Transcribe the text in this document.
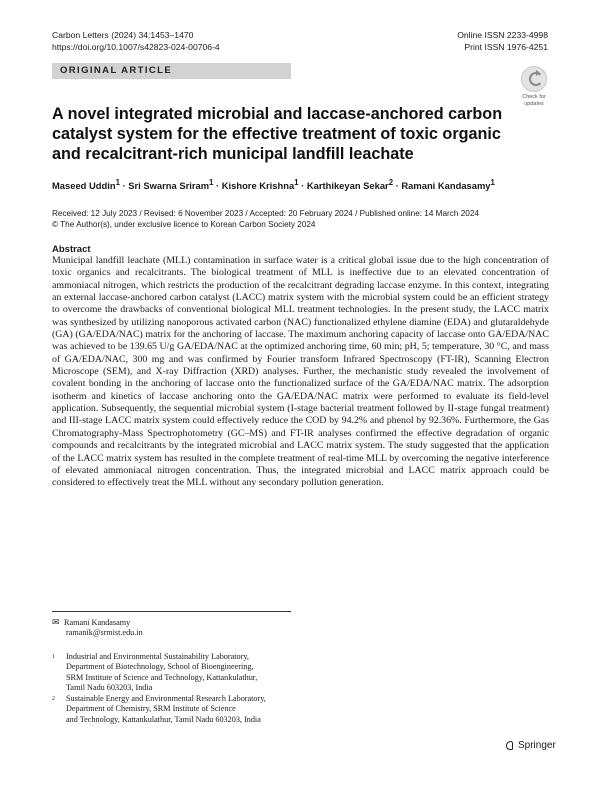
Carbon Letters (2024) 34:1453–1470
https://doi.org/10.1007/s42823-024-00706-4
Online ISSN 2233-4998
Print ISSN 1976-4251
ORIGINAL ARTICLE
Check for
updates
A novel integrated microbial and laccase-anchored carbon catalyst system for the effective treatment of toxic organic and recalcitrant-rich municipal landfill leachate
Maseed Uddin$^1$ · Sri Swarna Sriram$^1$ · Kishore Krishna$^1$ · Karthikeyan Sekar$^2$ · Ramani Kandasamy$^1$
Received: 12 July 2023 / Revised: 6 November 2023 / Accepted: 20 February 2024 / Published online: 14 March 2024
© The Author(s), under exclusive licence to Korean Carbon Society 2024
Abstract

Municipal landfill leachate (MLL) contamination in surface water is a critical global issue due to the high concentration of toxic organics and recalcitrants. The biological treatment of MLL is ineffective due to an elevated concentration of ammoniacal nitrogen, which restricts the production of the recalcitrant degrading laccase enzyme. In this context, integrating an external laccase-anchored carbon catalyst (LACC) matrix system with the microbial system could be an efficient strategy to overcome the drawbacks of conventional biological MLL treatment technologies. In the present study, the LACC matrix was synthesized by utilizing nanoporous activated carbon (NAC) functionalized ethylene diamine (EDA) and glutaraldehyde (GA) (GA/EDA/NAC) matrix for the anchoring of laccase. The maximum anchoring capacity of laccase onto GA/EDA/NAC was achieved to be 139.65 U/g GA/EDA/NAC at the optimized anchoring time, 60 min; pH, 5; temperature, 30 °C, and mass of GA/EDA/NAC, 300 mg and was confirmed by Fourier transform Infrared Spectroscopy (FT-IR), Scanning Electron Microscope (SEM), and X-ray Diffraction (XRD) analyses. Further, the mechanistic study revealed the involvement of covalent bonding in the anchoring of laccase onto the functionalized surface of the GA/EDA/NAC matrix. The adsorption isotherm and kinetics of laccase anchoring onto the GA/EDA/NAC matrix were performed to evaluate its field-level application. Subsequently, the sequential microbial system (I-stage bacterial treatment followed by II-stage fungal treatment) and III-stage LACC matrix system could effectively reduce the COD by 94.2% and phenol by 92.36%. Furthermore, the Gas Chromatography-Mass Spectrophotometry (GC–MS) and FT-IR analyses confirmed the effective degradation of organic compounds and recalcitrants by the integrated microbial and LACC matrix system. The study suggested that the application of the LACC matrix system has resulted in the complete treatment of real-time MLL by overcoming the negative interference of elevated ammoniacal nitrogen concentration. Thus, the integrated microbial and LACC matrix approach could be considered to effectively treat the MLL without any secondary pollution generation.

✉ Ramani Kandasamy
ramanik@srmist.edu.in
1 Industrial and Environmental Sustainability Laboratory,
Department of Biotechnology, School of Bioengineering,
SRM Institute of Science and Technology, Kattankulathur,
Tamil Nadu 603203, India
2 Sustainable Energy and Environmental Research Laboratory,
Department of Chemistry, SRM Institute of Science
and Technology, Kattankulathur, Tamil Nadu 603203, India
Springer
